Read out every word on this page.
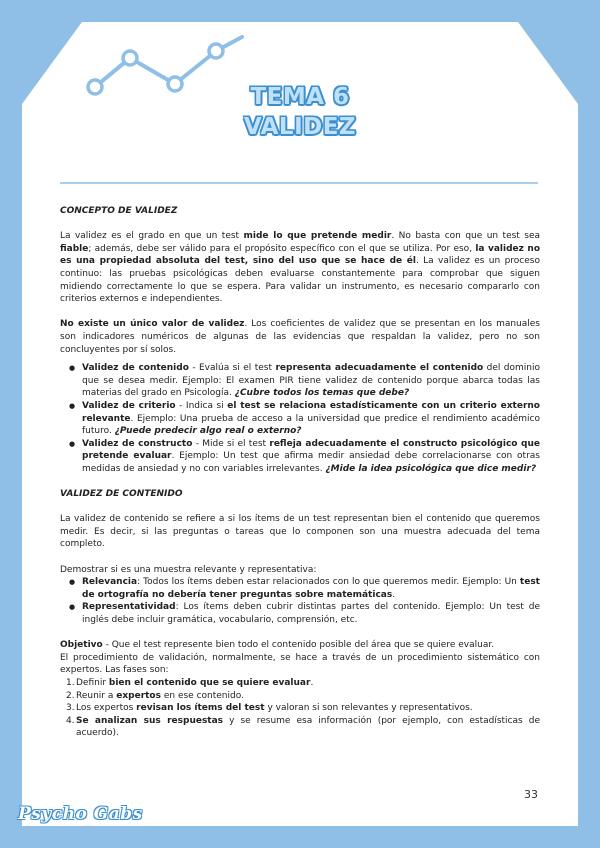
TEMA 6
VALIDEZ

CONCEPTO DE VALIDEZ

La validez es el grado en que un test mide lo que pretende medir. No basta con que un test sea fiable; además, debe ser válido para el propósito específico con el que se utiliza. Por eso, la validez no es una propiedad absoluta del test, sino del uso que se hace de él. La validez es un proceso continuo: las pruebas psicológicas deben evaluarse constantemente para comprobar que siguen midiendo correctamente lo que se espera. Para validar un instrumento, es necesario compararlo con criterios externos e independientes.

No existe un único valor de validez. Los coeficientes de validez que se presentan en los manuales son indicadores numéricos de algunas de las evidencias que respaldan la validez, pero no son concluyentes por sí solos.

● Validez de contenido - Evalúa si el test representa adecuadamente el contenido del dominio que se desea medir. Ejemplo: El examen PIR tiene validez de contenido porque abarca todas las materias del grado en Psicología. ¿Cubre todos los temas que debe?
● Validez de criterio - Indica si el test se relaciona estadísticamente con un criterio externo relevante. Ejemplo: Una prueba de acceso a la universidad que predice el rendimiento académico futuro. ¿Puede predecir algo real o externo?
● Validez de constructo - Mide si el test refleja adecuadamente el constructo psicológico que pretende evaluar. Ejemplo: Un test que afirma medir ansiedad debe correlacionarse con otras medidas de ansiedad y no con variables irrelevantes. ¿Mide la idea psicológica que dice medir?

VALIDEZ DE CONTENIDO

La validez de contenido se refiere a si los ítems de un test representan bien el contenido que queremos medir. Es decir, si las preguntas o tareas que lo componen son una muestra adecuada del tema completo.

Demostrar si es una muestra relevante y representativa:

● Relevancia: Todos los ítems deben estar relacionados con lo que queremos medir. Ejemplo: Un test de ortografía no debería tener preguntas sobre matemáticas.
● Representatividad: Los ítems deben cubrir distintas partes del contenido. Ejemplo: Un test de inglés debe incluir gramática, vocabulario, comprensión, etc.

Objetivo - Que el test represente bien todo el contenido posible del área que se quiere evaluar.

El procedimiento de validación, normalmente, se hace a través de un procedimiento sistemático con expertos. Las fases son:

1. Definir bien el contenido que se quiere evaluar.
2. Reunir a expertos en ese contenido.
3. Los expertos revisan los ítems del test y valoran si son relevantes y representativos.
4. Se analizan sus respuestas y se resume esa información (por ejemplo, con estadísticas de acuerdo).
33
Psycho Gabs
